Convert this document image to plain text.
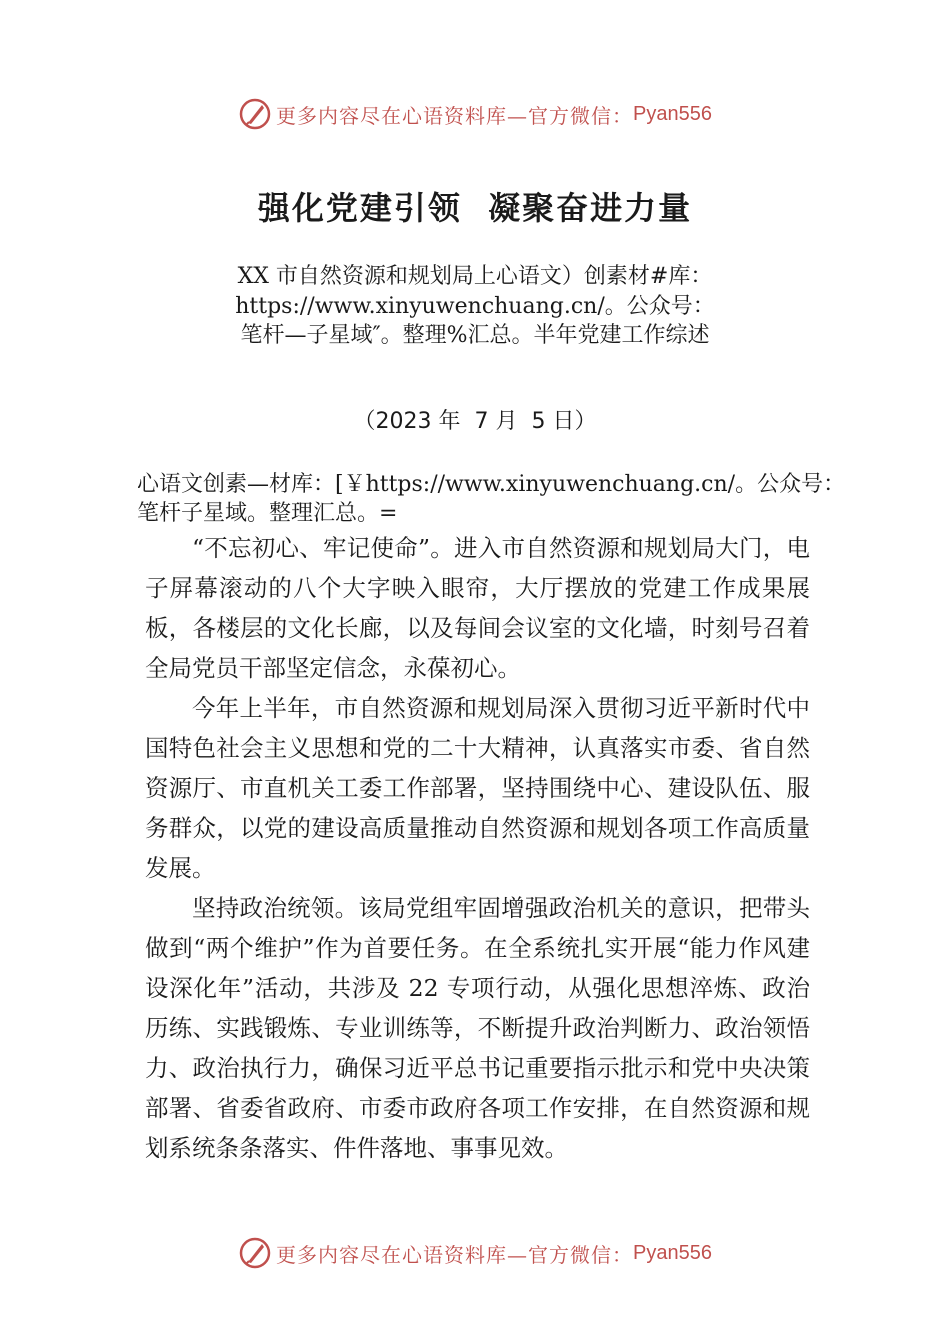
更多内容尽在心语资料库—官方微信： Pyan556
强化党建引领  凝聚奋进力量
XX 市自然资源和规划局上心语文）创素材#库：https://www.xinyuwenchuang.cn/。公众号：笔杆—子星域″。整理%汇总。半年党建工作综述
（2023 年  7 月  5 日）
心语文创素—材库：[￥https://www.xinyuwenchuang.cn/。公众号：笔杆子星域。整理汇总。=

“不忘初心、牢记使命”。进入市自然资源和规划局大门，电子屏幕滚动的八个大字映入眼帘，大厅摆放的党建工作成果展板，各楼层的文化长廊，以及每间会议室的文化墙，时刻号召着全局党员干部坚定信念，永葆初心。

今年上半年，市自然资源和规划局深入贯彻习近平新时代中国特色社会主义思想和党的二十大精神，认真落实市委、省自然资源厅、市直机关工委工作部署，坚持围绕中心、建设队伍、服务群众，以党的建设高质量推动自然资源和规划各项工作高质量发展。

坚持政治统领。该局党组牢固增强政治机关的意识，把带头做到“两个维护”作为首要任务。在全系统扎实开展“能力作风建设深化年”活动，共涉及 22 专项行动，从强化思想淬炼、政治历练、实践锻炼、专业训练等，不断提升政治判断力、政治领悟力、政治执行力，确保习近平总书记重要指示批示和党中央决策部署、省委省政府、市委市政府各项工作安排，在自然资源和规划系统条条落实、件件落地、事事见效。

更多内容尽在心语资料库—官方微信： Pyan556
